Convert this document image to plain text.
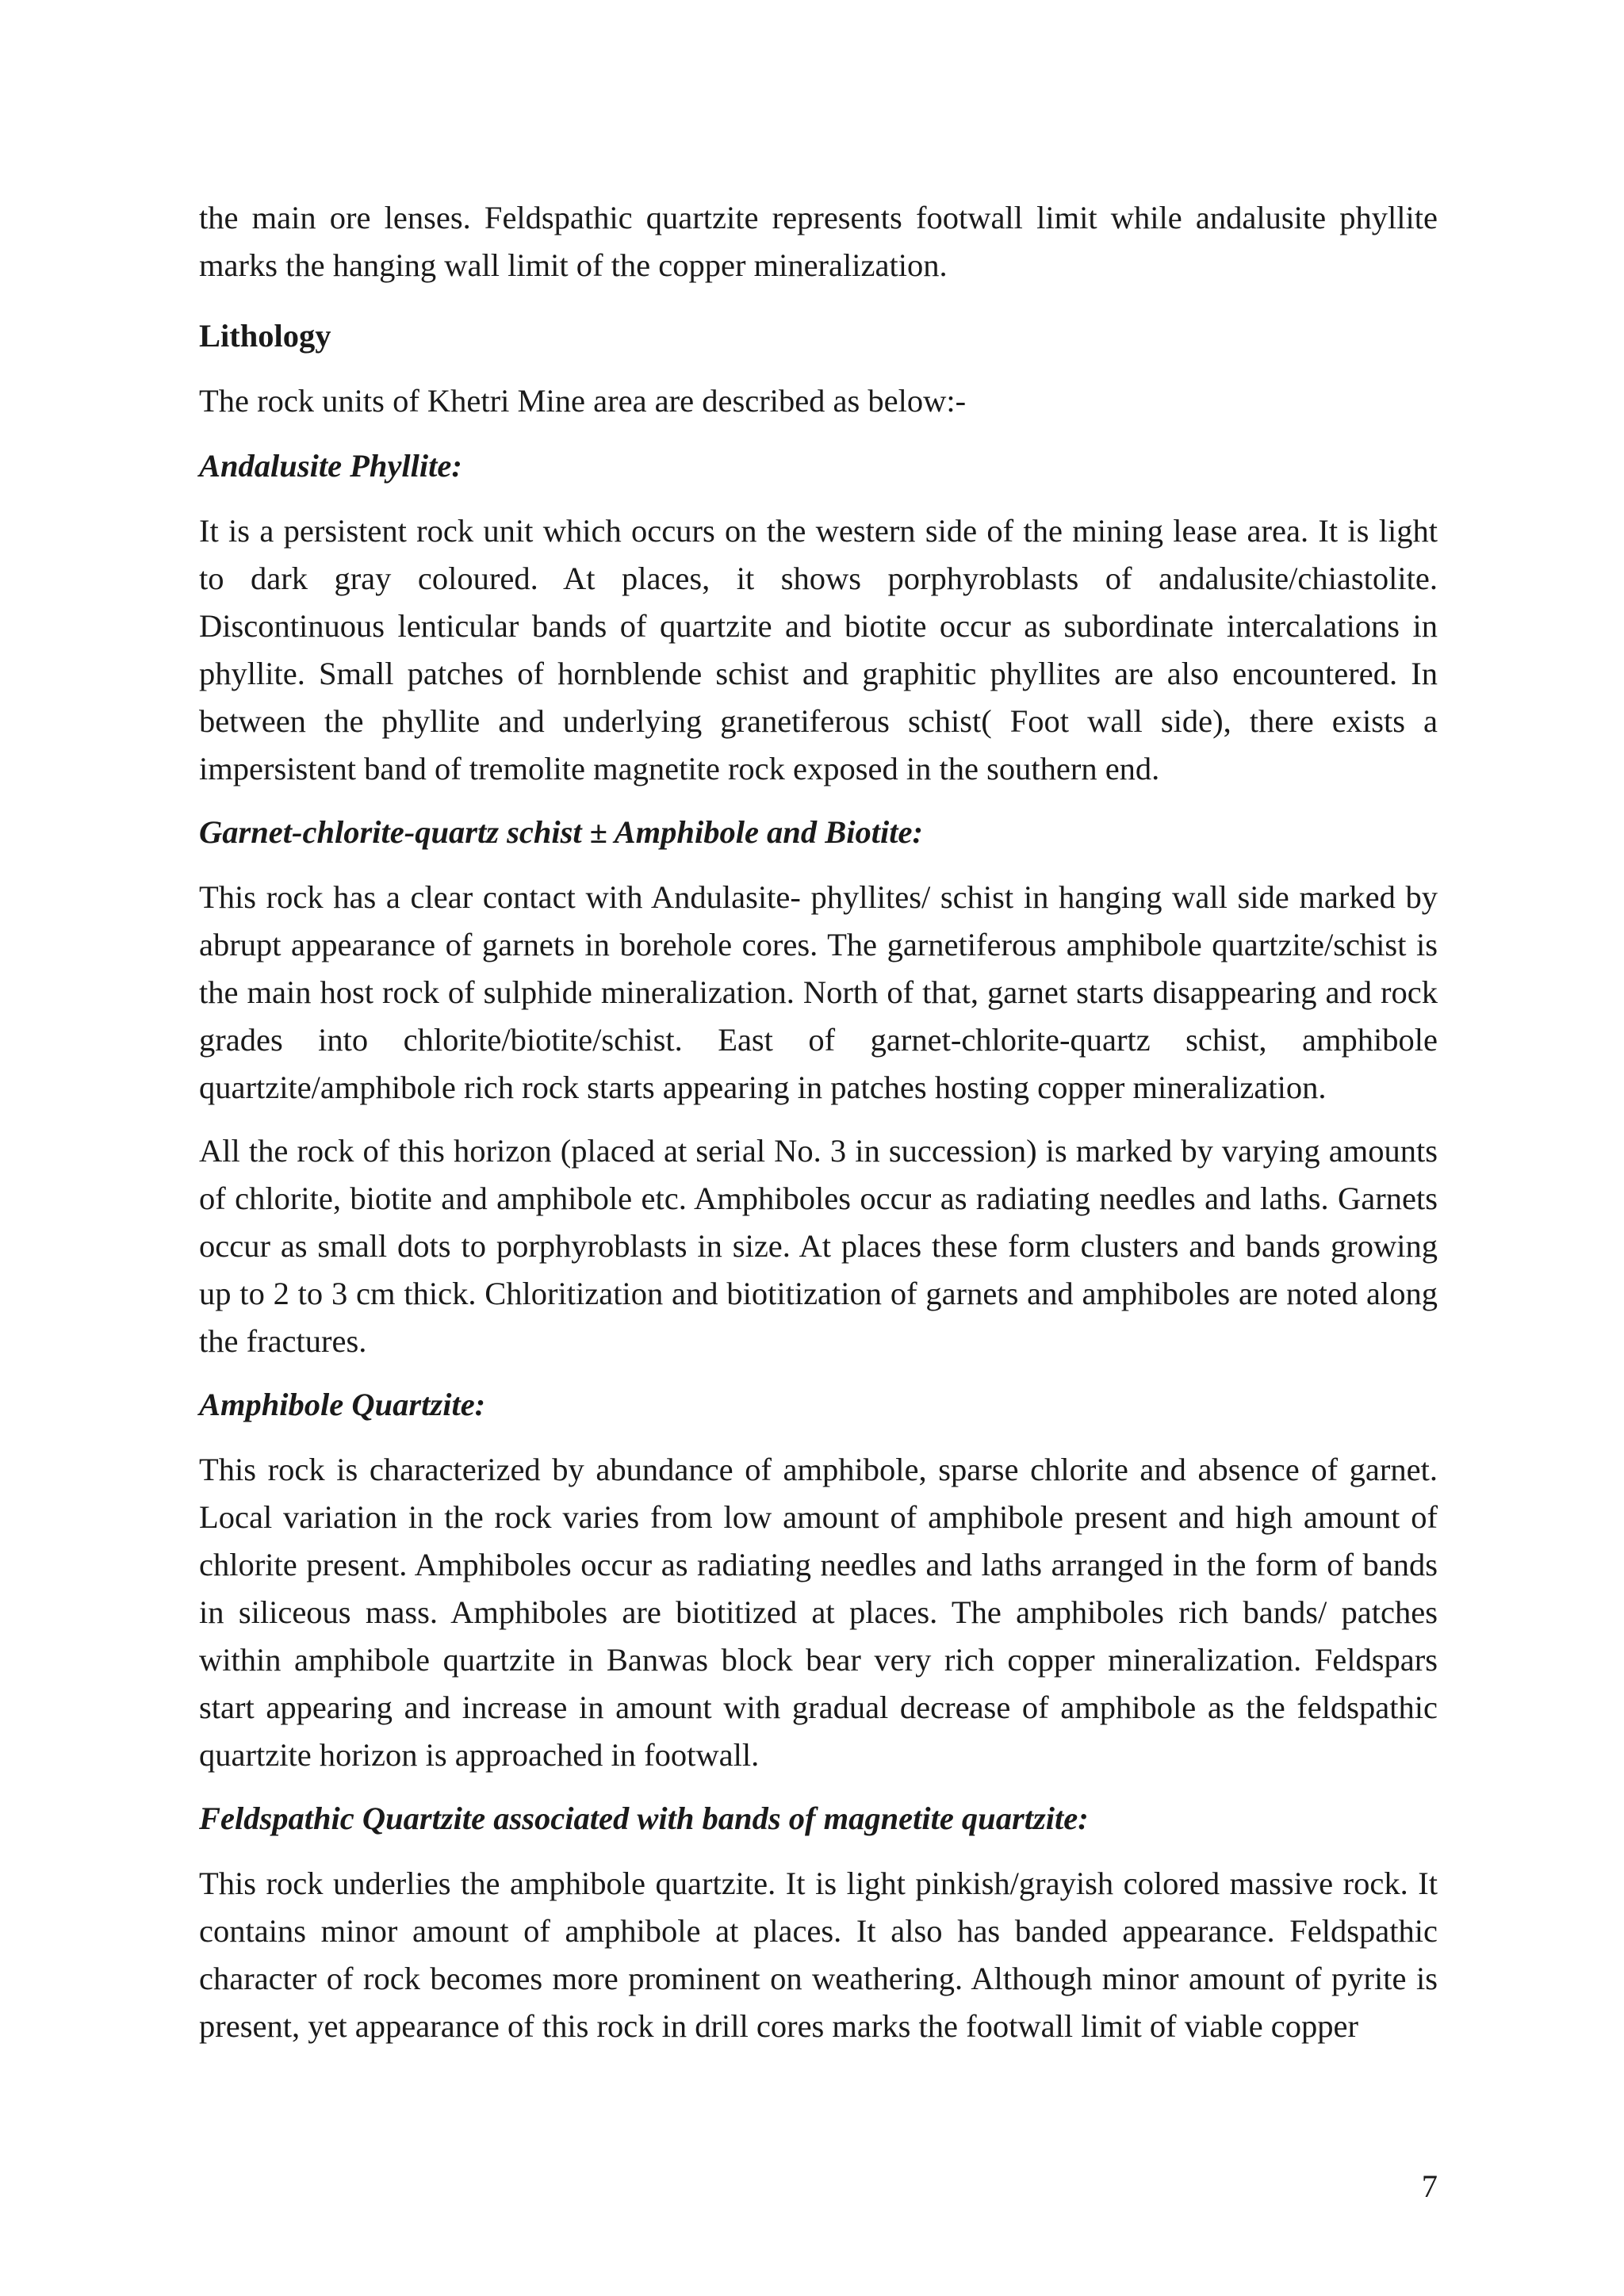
the main ore lenses. Feldspathic quartzite represents footwall limit while andalusite phyllite marks the hanging wall limit of the copper mineralization.

Lithology

The rock units of Khetri Mine area are described as below:-

Andalusite Phyllite:

It is a persistent rock unit which occurs on the western side of the mining lease area. It is light to dark gray coloured. At places, it shows porphyroblasts of andalusite/chiastolite. Discontinuous lenticular bands of quartzite and biotite occur as subordinate intercalations in phyllite. Small patches of hornblende schist and graphitic phyllites are also encountered. In between the phyllite and underlying granetiferous schist( Foot wall side), there exists a impersistent band of tremolite magnetite rock exposed in the southern end.

Garnet-chlorite-quartz schist ± Amphibole and Biotite:

This rock has a clear contact with Andulasite- phyllites/ schist in hanging wall side marked by abrupt appearance of garnets in borehole cores. The garnetiferous amphibole quartzite/schist is the main host rock of sulphide mineralization. North of that, garnet starts disappearing and rock grades into chlorite/biotite/schist. East of garnet-chlorite-quartz schist, amphibole quartzite/amphibole rich rock starts appearing in patches hosting copper mineralization.

All the rock of this horizon (placed at serial No. 3 in succession) is marked by varying amounts of chlorite, biotite and amphibole etc. Amphiboles occur as radiating needles and laths. Garnets occur as small dots to porphyroblasts in size. At places these form clusters and bands growing up to 2 to 3 cm thick. Chloritization and biotitization of garnets and amphiboles are noted along the fractures.

Amphibole Quartzite:

This rock is characterized by abundance of amphibole, sparse chlorite and absence of garnet. Local variation in the rock varies from low amount of amphibole present and high amount of chlorite present. Amphiboles occur as radiating needles and laths arranged in the form of bands in siliceous mass. Amphiboles are biotitized at places. The amphiboles rich bands/ patches within amphibole quartzite in Banwas block bear very rich copper mineralization. Feldspars start appearing and increase in amount with gradual decrease of amphibole as the feldspathic quartzite horizon is approached in footwall.

Feldspathic Quartzite associated with bands of magnetite quartzite:

This rock underlies the amphibole quartzite. It is light pinkish/grayish colored massive rock. It contains minor amount of amphibole at places. It also has banded appearance. Feldspathic character of rock becomes more prominent on weathering. Although minor amount of pyrite is present, yet appearance of this rock in drill cores marks the footwall limit of viable copper

7
